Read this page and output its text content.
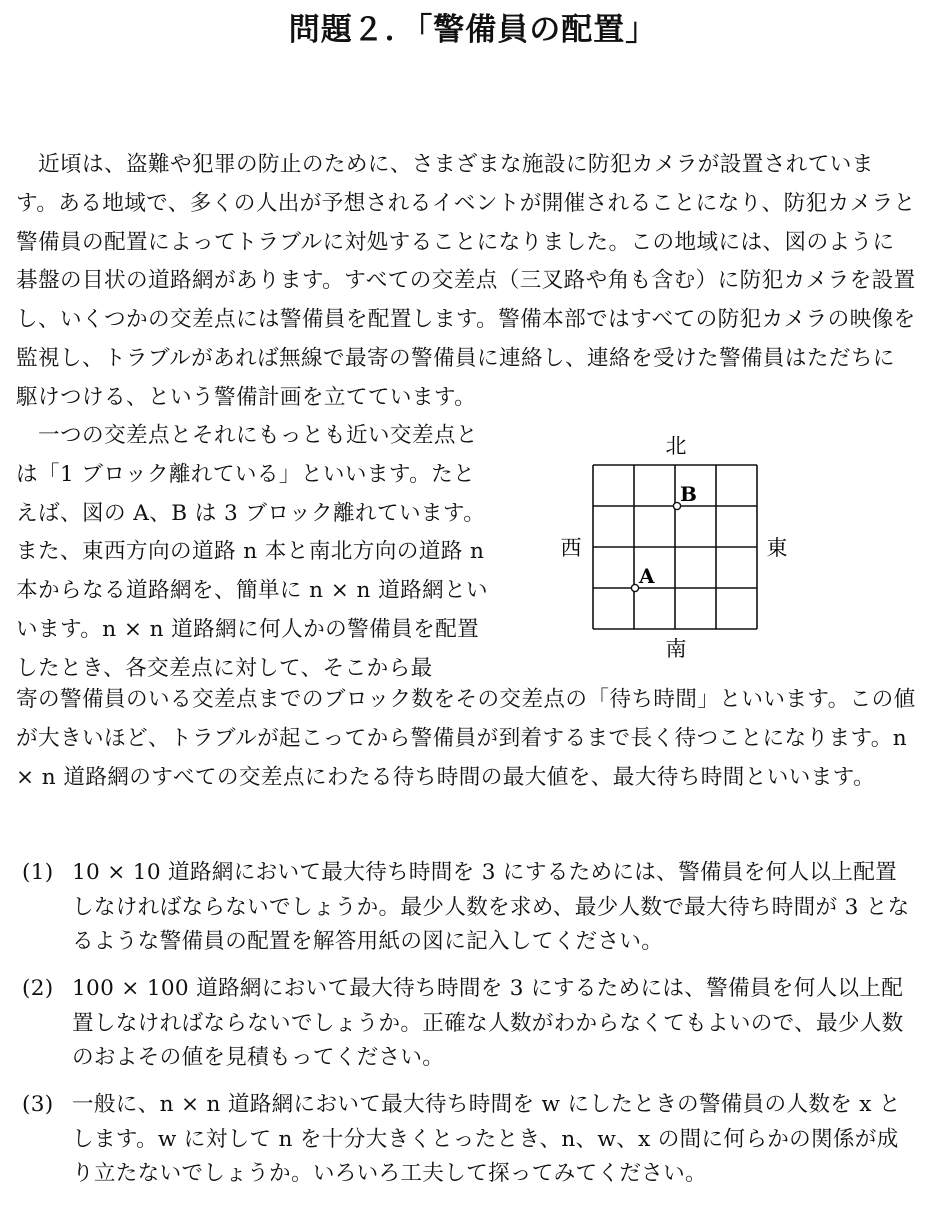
問題２．「警備員の配置」

　近頃は、盗難や犯罪の防止のために、さまざまな施設に防犯カメラが設置されています。ある地域で、多くの人出が予想されるイベントが開催されることになり、防犯カメラと警備員の配置によってトラブルに対処することになりました。この地域には、図のように碁盤の目状の道路網があります。すべての交差点（三叉路や角も含む）に防犯カメラを設置し、いくつかの交差点には警備員を配置します。警備本部ではすべての防犯カメラの映像を監視し、トラブルがあれば無線で最寄の警備員に連絡し、連絡を受けた警備員はただちに駆けつける、という警備計画を立てています。

　一つの交差点とそれにもっとも近い交差点とは「1 ブロック離れている」といいます。たとえば、図の A、B は 3 ブロック離れています。また、東西方向の道路 n 本と南北方向の道路 n 本からなる道路網を、簡単に n × n 道路網といいます。n × n 道路網に何人かの警備員を配置したとき、各交差点に対して、そこから最

寄の警備員のいる交差点までのブロック数をその交差点の「待ち時間」といいます。この値が大きいほど、トラブルが起こってから警備員が到着するまで長く待つことになります。n × n 道路網のすべての交差点にわたる待ち時間の最大値を、最大待ち時間といいます。

(1) 10 × 10 道路網において最大待ち時間を 3 にするためには、警備員を何人以上配置しなければならないでしょうか。最少人数を求め、最少人数で最大待ち時間が 3 となるような警備員の配置を解答用紙の図に記入してください。
(2) 100 × 100 道路網において最大待ち時間を 3 にするためには、警備員を何人以上配置しなければならないでしょうか。正確な人数がわからなくてもよいので、最少人数のおよその値を見積もってください。
(3) 一般に、n × n 道路網において最大待ち時間を w にしたときの警備員の人数を x とします。w に対して n を十分大きくとったとき、n、w、x の間に何らかの関係が成り立たないでしょうか。いろいろ工夫して探ってみてください。
北
南
西	東
A
B
